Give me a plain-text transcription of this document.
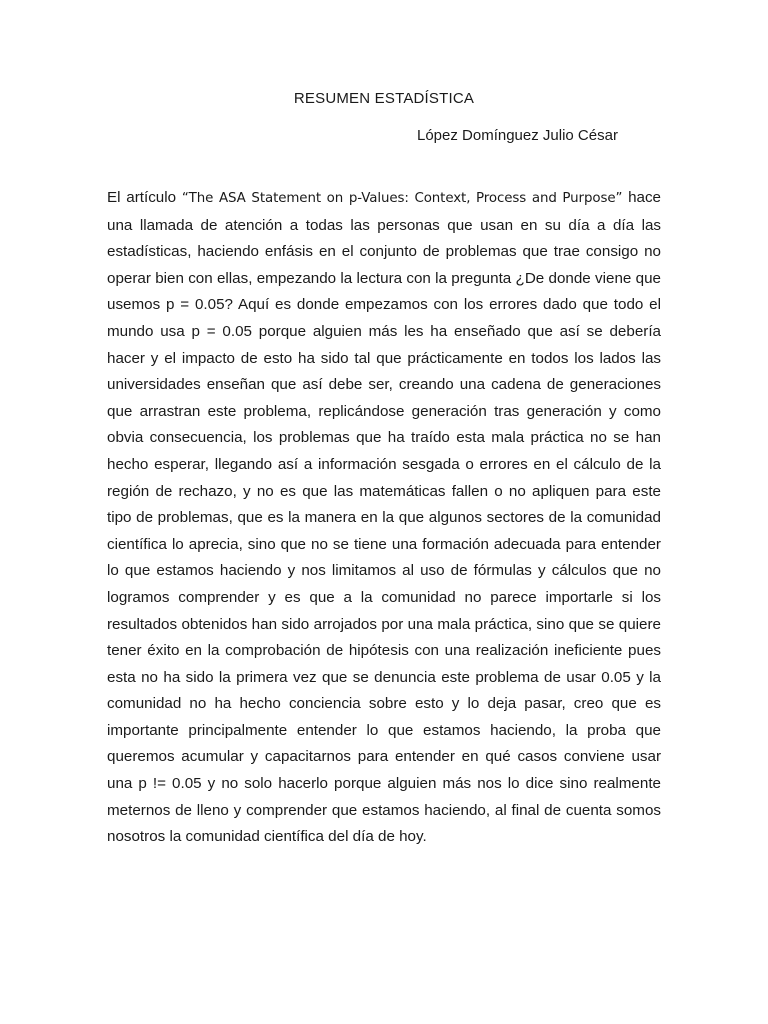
RESUMEN ESTADÍSTICA

López Domínguez Julio César

El artículo “The ASA Statement on p-Values: Context, Process and Purpose” hace una llamada de atención a todas las personas que usan en su día a día las estadísticas, haciendo enfásis en el conjunto de problemas que trae consigo no operar bien con ellas, empezando la lectura con la pregunta ¿De donde viene que usemos p = 0.05? Aquí es donde empezamos con los errores dado que todo el mundo usa p = 0.05 porque alguien más les ha enseñado que así se debería hacer y el impacto de esto ha sido tal que prácticamente en todos los lados las universidades enseñan que así debe ser, creando una cadena de generaciones que arrastran este problema, replicándose generación tras generación y como obvia consecuencia, los problemas que ha traído esta mala práctica no se han hecho esperar, llegando así a información sesgada o errores en el cálculo de la región de rechazo, y no es que las matemáticas fallen o no apliquen para este tipo de problemas, que es la manera en la que algunos sectores de la comunidad científica lo aprecia, sino que no se tiene una formación adecuada para entender lo que estamos haciendo y nos limitamos al uso de fórmulas y cálculos que no logramos comprender y es que a la comunidad no parece importarle si los resultados obtenidos han sido arrojados por una mala práctica, sino que se quiere tener éxito en la comprobación de hipótesis con una realización ineficiente pues esta no ha sido la primera vez que se denuncia este problema de usar 0.05 y la comunidad no ha hecho conciencia sobre esto y lo deja pasar, creo que es importante principalmente entender lo que estamos haciendo, la proba que queremos acumular y capacitarnos para entender en qué casos conviene usar una p != 0.05 y no solo hacerlo porque alguien más nos lo dice sino realmente meternos de lleno y comprender que estamos haciendo, al final de cuenta somos nosotros la comunidad científica del día de hoy.
